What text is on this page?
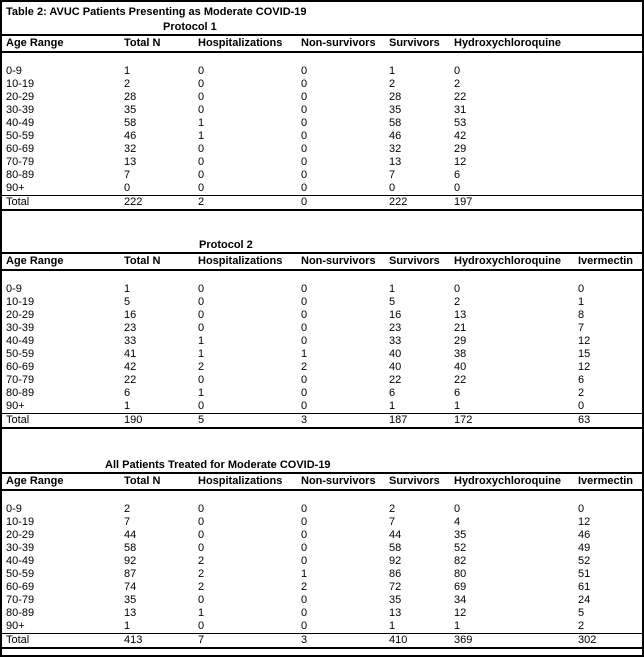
Table 2: AVUC Patients Presenting as Moderate COVID-19
Protocol 1
Age Range	Total N	Hospitalizations	Non-survivors	Survivors	Hydroxychloroquine	

0-9	1	0	0	1	0	
10-19	2	0	0	2	2	
20-29	28	0	0	28	22	
30-39	35	0	0	35	31	
40-49	58	1	0	58	53	
50-59	46	1	0	46	42	
60-69	32	0	0	32	29	
70-79	13	0	0	13	12	
80-89	7	0	0	7	6	
90+	0	0	0	0	0	
Total	222	2	0	222	197	
Protocol 2
Age Range	Total N	Hospitalizations	Non-survivors	Survivors	Hydroxychloroquine	Ivermectin

0-9	1	0	0	1	0	0
10-19	5	0	0	5	2	1
20-29	16	0	0	16	13	8
30-39	23	0	0	23	21	7
40-49	33	1	0	33	29	12
50-59	41	1	1	40	38	15
60-69	42	2	2	40	40	12
70-79	22	0	0	22	22	6
80-89	6	1	0	6	6	2
90+	1	0	0	1	1	0
Total	190	5	3	187	172	63
All Patients Treated for Moderate COVID-19
Age Range	Total N	Hospitalizations	Non-survivors	Survivors	Hydroxychloroquine	Ivermectin

0-9	2	0	0	2	0	0
10-19	7	0	0	7	4	12
20-29	44	0	0	44	35	46
30-39	58	0	0	58	52	49
40-49	92	2	0	92	82	52
50-59	87	2	1	86	80	51
60-69	74	2	2	72	69	61
70-79	35	0	0	35	34	24
80-89	13	1	0	13	12	5
90+	1	0	0	1	1	2
Total	413	7	3	410	369	302
